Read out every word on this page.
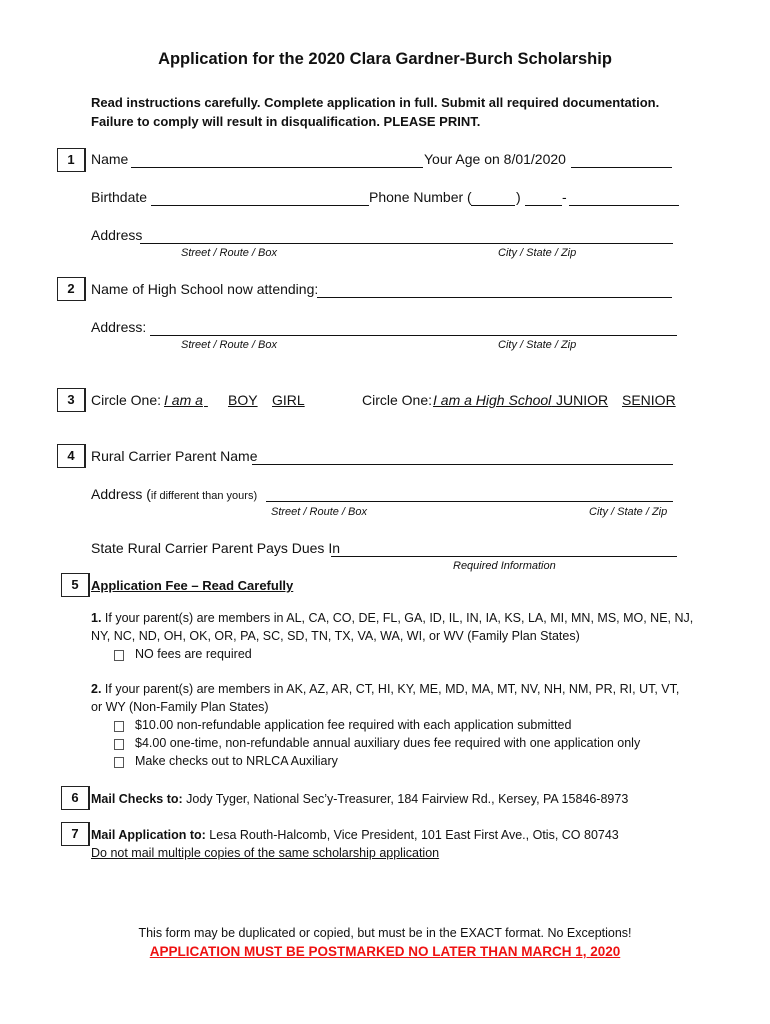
Application for the 2020 Clara Gardner-Burch Scholarship
Read instructions carefully. Complete application in full. Submit all required documentation.
Failure to comply will result in disqualification. PLEASE PRINT.
1	Name	Your Age on 8/01/2020
Birthdate	Phone Number (	)	-
Address
Street / Route / Box	City / State / Zip
2	Name of High School now attending:
Address:
Street / Route / Box	City / State / Zip
3	Circle One: I am a
	BOY	GIRL	Circle One: I am a High School JUNIOR SENIOR
4	Rural Carrier Parent Name
Address (if different than yours)
Street / Route / Box	City / State / Zip
State Rural Carrier Parent Pays Dues In
Required Information
5 Application Fee – Read Carefully
1. If your parent(s) are members in AL, CA, CO, DE, FL, GA, ID, IL, IN, IA, KS, LA, MI, MN, MS, MO, NE, NJ,
NY, NC, ND, OH, OK, OR, PA, SC, SD, TN, TX, VA, WA, WI, or WV (Family Plan States)
NO fees are required
2. If your parent(s) are members in AK, AZ, AR, CT, HI, KY, ME, MD, MA, MT, NV, NH, NM, PR, RI, UT, VT,
or WY (Non-Family Plan States)
$10.00 non-refundable application fee required with each application submitted
$4.00 one-time, non-refundable annual auxiliary dues fee required with one application only
Make checks out to NRLCA Auxiliary
6 Mail Checks to: Jody Tyger, National Sec’y-Treasurer, 184 Fairview Rd., Kersey, PA 15846-8973
7 Mail Application to: Lesa Routh-Halcomb, Vice President, 101 East First Ave., Otis, CO 80743
Do not mail multiple copies of the same scholarship application
This form may be duplicated or copied, but must be in the EXACT format. No Exceptions!
APPLICATION MUST BE POSTMARKED NO LATER THAN MARCH 1, 2020
